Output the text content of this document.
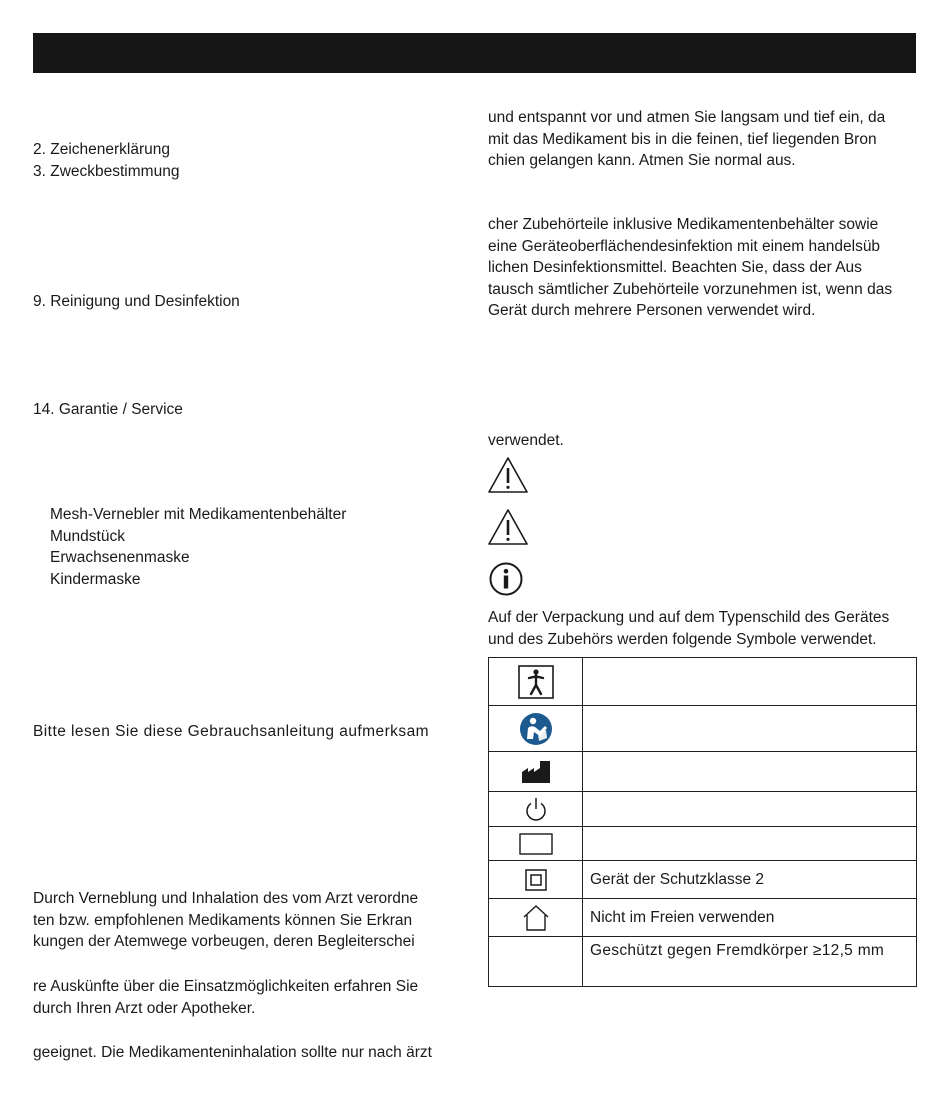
2. Zeichenerklärung
3. Zweckbestimmung
9. Reinigung und Desinfektion
14. Garantie / Service
Mesh-Vernebler mit Medikamentenbehälter
Mundstück
Erwachsenenmaske
Kindermaske
Bitte lesen Sie diese Gebrauchsanleitung aufmerksam
Durch Verneblung und Inhalation des vom Arzt verordne
ten bzw. empfohlenen Medikaments können Sie Erkran
kungen der Atemwege vorbeugen, deren Begleiterschei
re Auskünfte über die Einsatzmöglichkeiten erfahren Sie
durch Ihren Arzt oder Apotheker.
geeignet. Die Medikamenteninhalation sollte nur nach ärzt
und entspannt vor und atmen Sie langsam und tief ein, da
mit das Medikament bis in die feinen, tief liegenden Bron
chien gelangen kann. Atmen Sie normal aus.
cher Zubehörteile inklusive Medikamentenbehälter sowie
eine Geräteoberflächendesinfektion mit einem handelsüb
lichen Desinfektionsmittel. Beachten Sie, dass der Aus
tausch sämtlicher Zubehörteile vorzunehmen ist, wenn das
Gerät durch mehrere Personen verwendet wird.
verwendet.
Auf der Verpackung und auf dem Typenschild des Gerätes
und des Zubehörs werden folgende Symbole verwendet.

	Gerät der Schutzklasse 2

	Nicht im Freien verwenden
	Geschützt gegen Fremdkörper ≥12,5 mm
